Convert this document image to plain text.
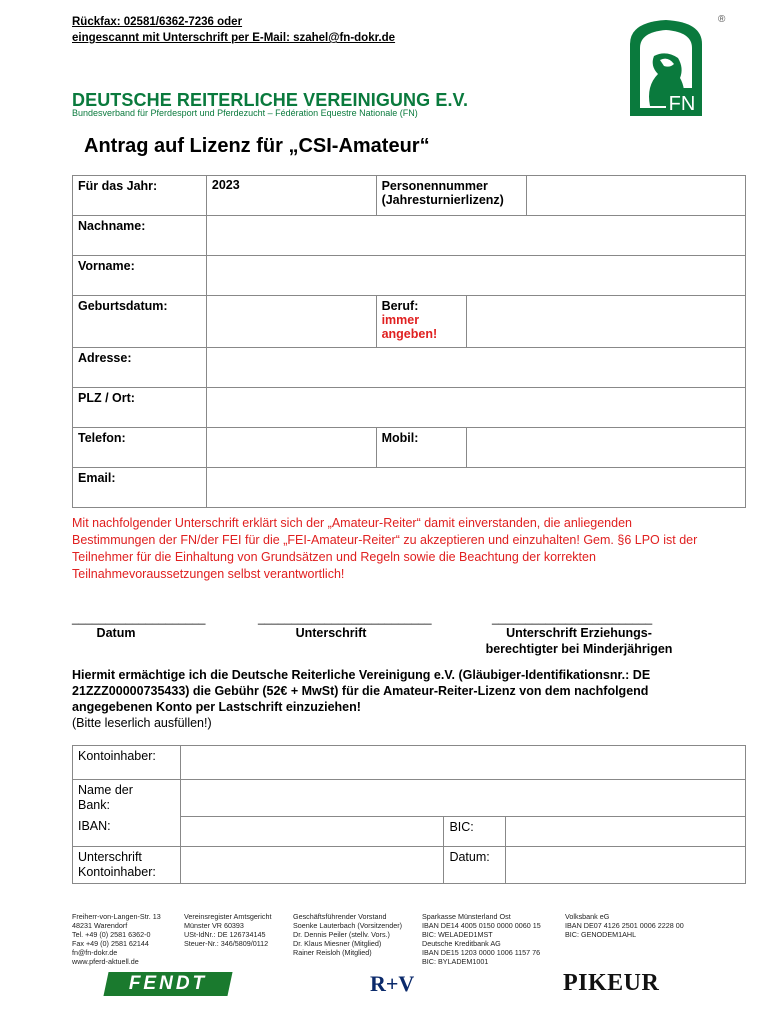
Rückfax: 02581/6362-7236 oder
eingescannt mit Unterschrift per E-Mail: szahel@fn-dokr.de
FN
®
DEUTSCHE REITERLICHE VEREINIGUNG E.V.
Bundesverband für Pferdesport und Pferdezucht – Fédération Equestre Nationale (FN)
Antrag auf Lizenz für „CSI-Amateur“
Für das Jahr:	2023	Personennummer
(Jahresturnierlizenz)		

Nachname:				
Vorname:				
Geburtsdatum:		Beruf:
immer
angeben!		

Adresse:				
PLZ / Ort:				
Telefon:		Mobil:		
Email:				
Mit nachfolgender Unterschrift erklärt sich der „Amateur-Reiter“ damit einverstanden, die anliegenden Bestimmungen der FN/der FEI für die „FEI-Amateur-Reiter“ zu akzeptieren und einzuhalten! Gem. §6 LPO ist der Teilnehmer für die Einhaltung von Grundsätzen und Regeln sowie die Beachtung der korrekten Teilnahmevoraussetzungen selbst verantwortlich!
____________________	__________________________	________________________
Datum	Unterschrift	Unterschrift Erziehungs-
berechtigter bei Minderjährigen
Hiermit ermächtige ich die Deutsche Reiterliche Vereinigung e.V. (Gläubiger-Identifikationsnr.: DE 21ZZZ00000735433) die Gebühr (52€ + MwSt) für die Amateur-Reiter-Lizenz von dem nachfolgend angegebenen Konto per Lastschrift einzuziehen!
(Bitte leserlich ausfüllen!)
Kontoinhaber:			

Name der
Bank:			

IBAN:		BIC:	

Unterschrift
Kontoinhaber:		Datum:	
Freiherr-von-Langen-Str. 13
48231 Warendorf
Tel. +49 (0) 2581 6362-0
Fax +49 (0) 2581 62144
fn@fn-dokr.de
www.pferd-aktuell.de
Vereinsregister Amtsgericht
Münster VR 60393
USt-IdNr.: DE 126734145
Steuer-Nr.: 346/5809/0112
Geschäftsführender Vorstand
Soenke Lauterbach (Vorsitzender)
Dr. Dennis Peiler (stellv. Vors.)
Dr. Klaus Miesner (Mitglied)
Rainer Reisloh (Mitglied)
Sparkasse Münsterland Ost
IBAN DE14 4005 0150 0000 0060 15
BIC: WELADED1MST
Deutsche Kreditbank AG
IBAN DE15 1203 0000 1006 1157 76
BIC: BYLADEM1001
Volksbank eG
IBAN DE07 4126 2501 0006 2228 00
BIC: GENODEM1AHL
FENDT	R+V	PIKEUR
